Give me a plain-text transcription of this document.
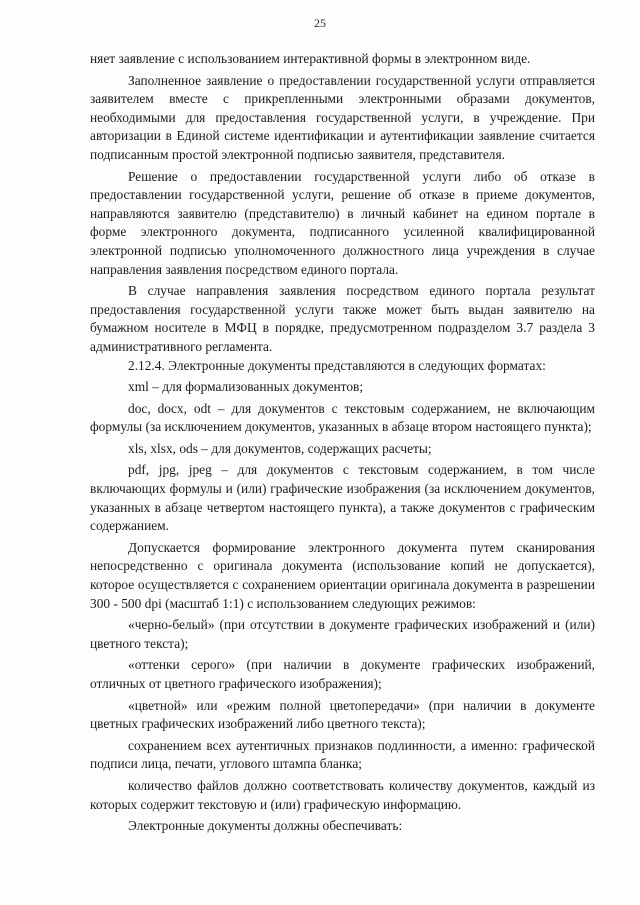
25

няет заявление с использованием интерактивной формы в электронном виде.

Заполненное заявление о предоставлении государственной услуги отправляется заявителем вместе с прикрепленными электронными образами документов, необходимыми для предоставления государственной услуги, в учреждение. При авторизации в Единой системе идентификации и аутентификации заявление считается подписанным простой электронной подписью заявителя, представителя.

Решение о предоставлении государственной услуги либо об отказе в предоставлении государственной услуги, решение об отказе в приеме документов, направляются заявителю (представителю) в личный кабинет на едином портале в форме электронного документа, подписанного усиленной квалифицированной электронной подписью уполномоченного должностного лица учреждения в случае направления заявления посредством единого портала.

В случае направления заявления посредством единого портала результат предоставления государственной услуги также может быть выдан заявителю на бумажном носителе в МФЦ в порядке, предусмотренном подразделом 3.7 раздела 3 административного регламента.

2.12.4. Электронные документы представляются в следующих форматах:

xml – для формализованных документов;

doc, docx, odt – для документов с текстовым содержанием, не включающим формулы (за исключением документов, указанных в абзаце втором настоящего пункта);

xls, xlsx, ods – для документов, содержащих расчеты;

pdf, jpg, jpeg – для документов с текстовым содержанием, в том числе включающих формулы и (или) графические изображения (за исключением документов, указанных в абзаце четвертом настоящего пункта), а также документов с графическим содержанием.

Допускается формирование электронного документа путем сканирования непосредственно с оригинала документа (использование копий не допускается), которое осуществляется с сохранением ориентации оригинала документа в разрешении 300 - 500 dpi (масштаб 1:1) с использованием следующих режимов:

«черно-белый» (при отсутствии в документе графических изображений и (или) цветного текста);

«оттенки серого» (при наличии в документе графических изображений, отличных от цветного графического изображения);

«цветной» или «режим полной цветопередачи» (при наличии в документе цветных графических изображений либо цветного текста);

сохранением всех аутентичных признаков подлинности, а именно: графической подписи лица, печати, углового штампа бланка;

количество файлов должно соответствовать количеству документов, каждый из которых содержит текстовую и (или) графическую информацию.

Электронные документы должны обеспечивать:
